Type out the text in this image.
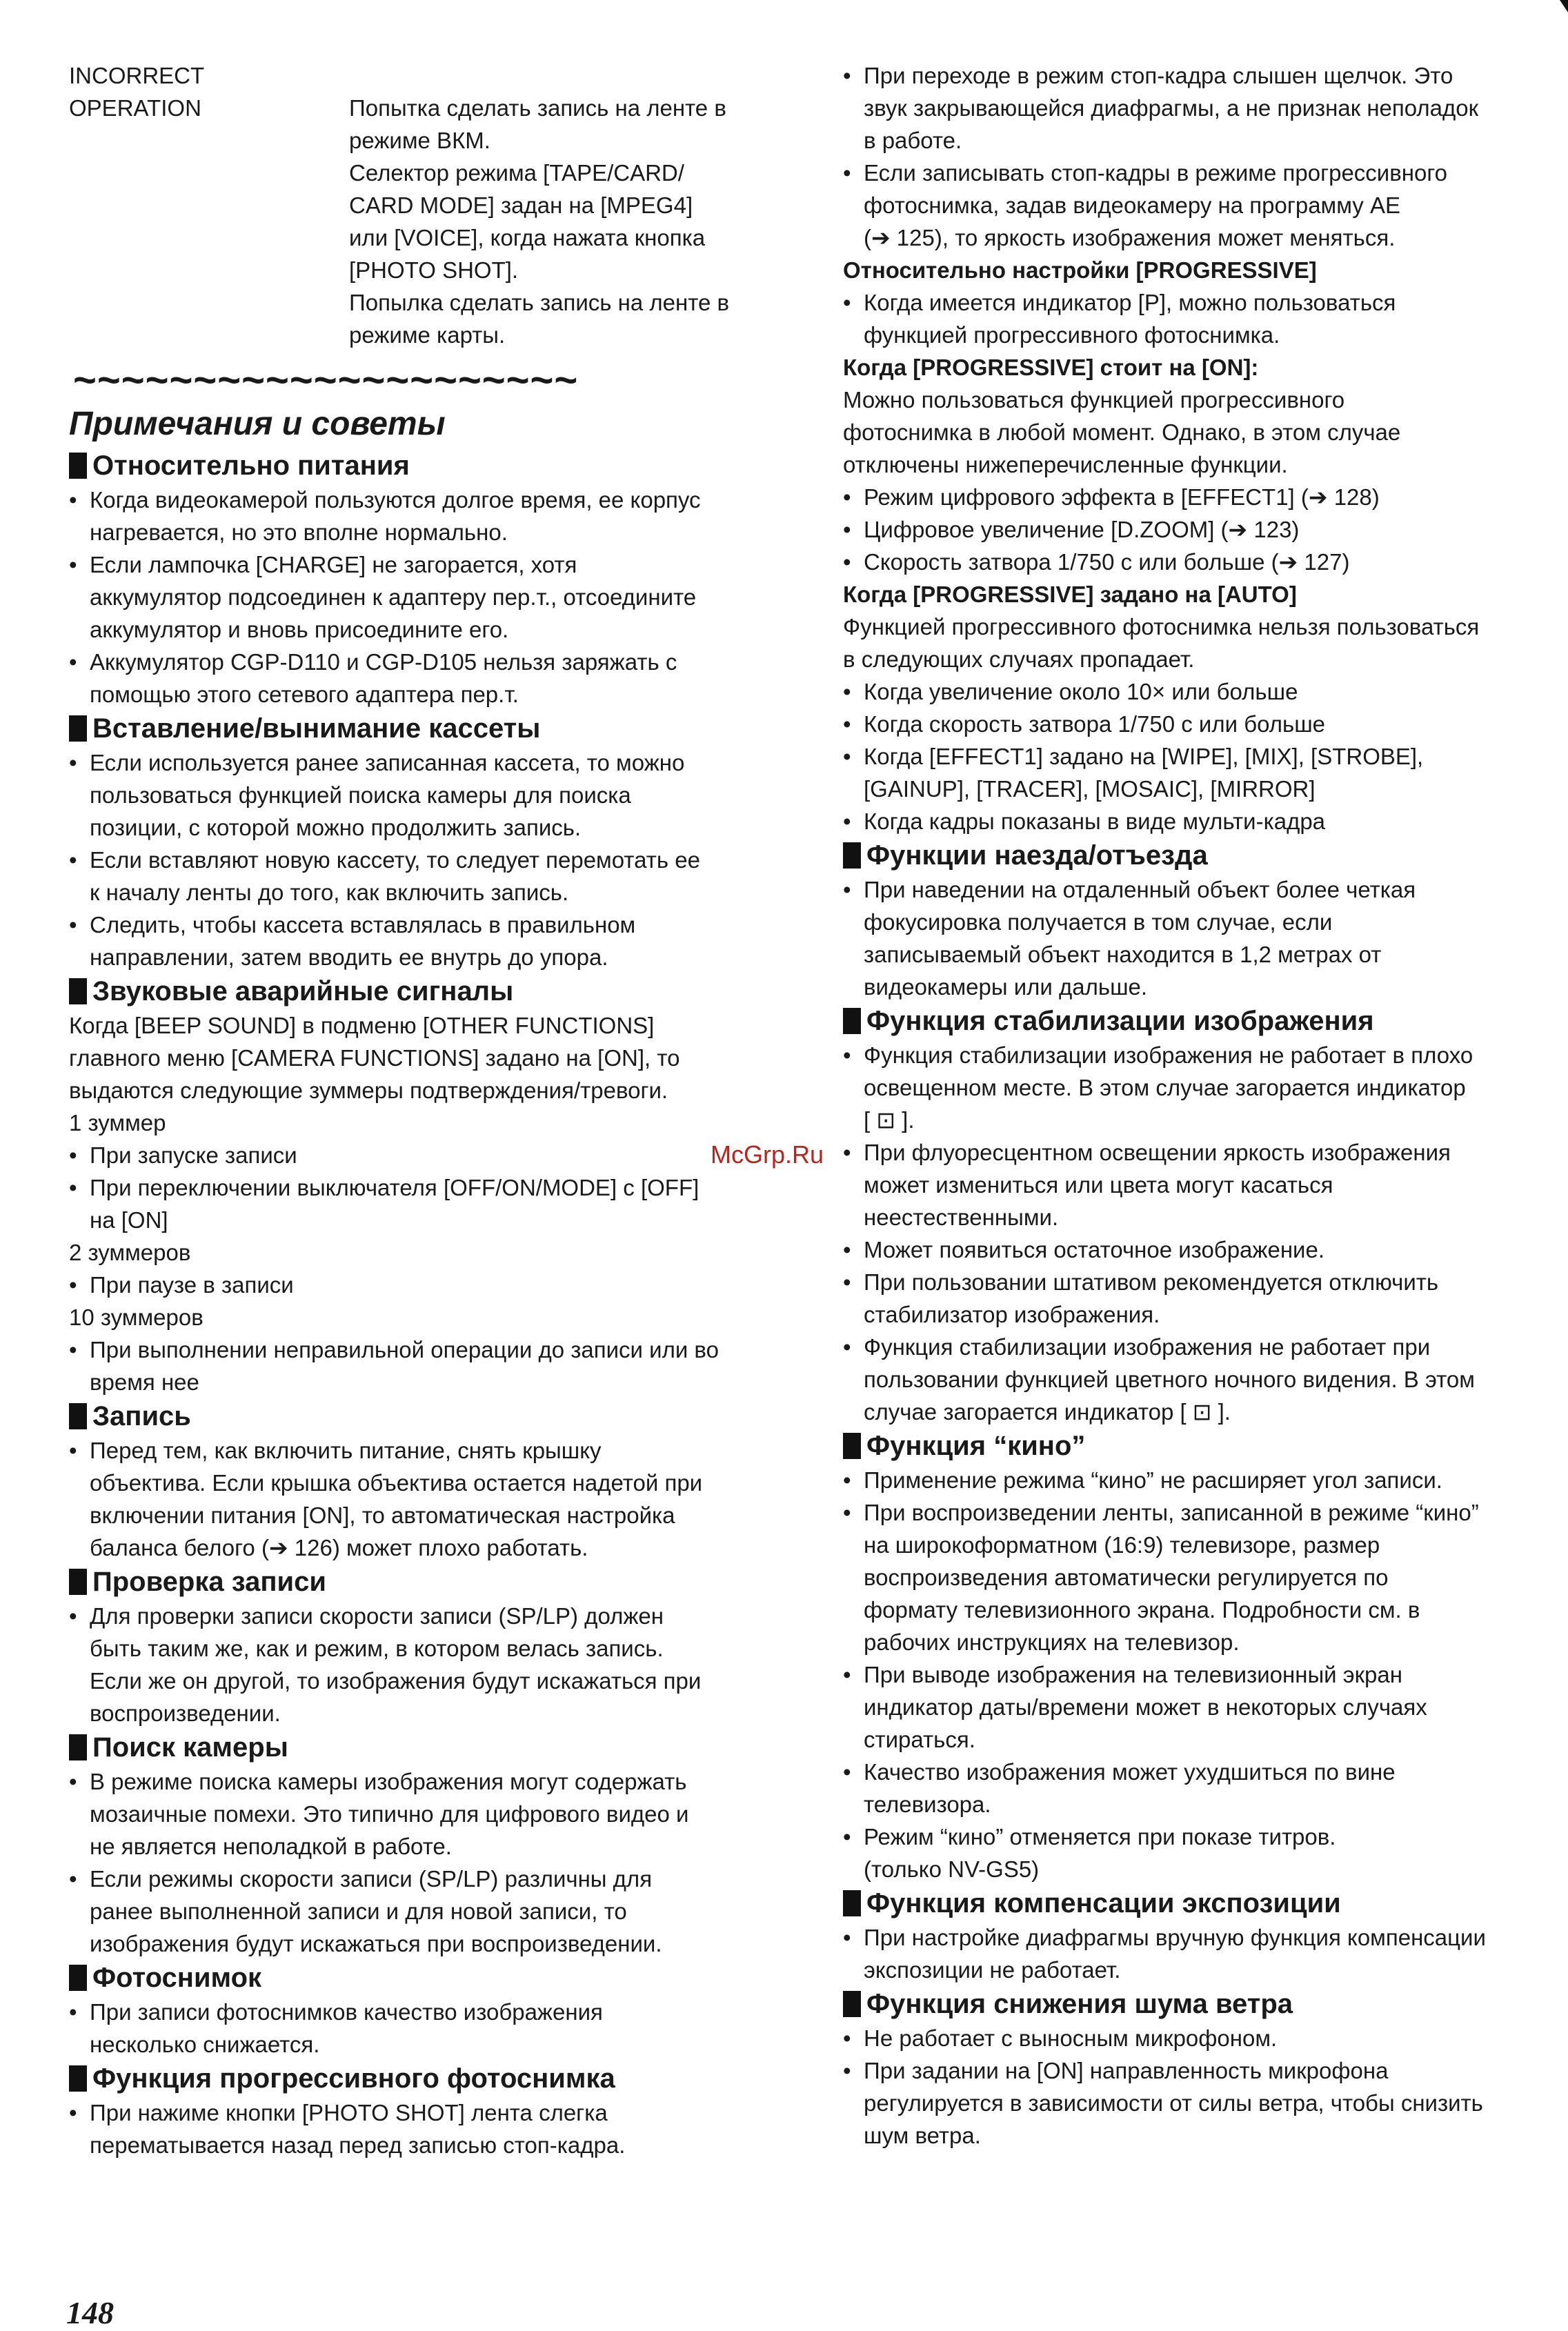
INCORRECT
OPERATION	Попытка сделать запись на ленте в
режиме ВКМ.
Селектор режима [TAPE/CARD/
CARD MODE] задан на [MPEG4]
или [VOICE], когда нажата кнопка
[PHOTO SHOT].
Попылка сделать запись на ленте в
режиме карты.
~~~~~~~~~~~~~~~~~~~~~
Примечания и советы
Относительно питания
• Когда видеокамерой пользуются долгое время, ее корпус
нагревается, но это вполне нормально.
• Если лампочка [CHARGE] не загорается, хотя
аккумулятор подсоединен к адаптеру пер.т., отсоедините
аккумулятор и вновь присоедините его.
• Аккумулятор CGP-D110 и CGP-D105 нельзя заряжать с
помощью этого сетевого адаптера пер.т.
Вставление/вынимание кассеты
• Если используется ранее записанная кассета, то можно
пользоваться функцией поиска камеры для поиска
позиции, с которой можно продолжить запись.
• Если вставляют новую кассету, то следует перемотать ее
к началу ленты до того, как включить запись.
• Следить, чтобы кассета вставлялась в правильном
направлении, затем вводить ее внутрь до упора.
Звуковые аварийные сигналы
Когда [BEEP SOUND] в подменю [OTHER FUNCTIONS]
главного меню [CAMERA FUNCTIONS] задано на [ON], то
выдаются следующие зуммеры подтверждения/тревоги.
1 зуммер
• При запуске записи
• При переключении выключателя [OFF/ON/MODE] с [OFF]
на [ON]
2 зуммеров
• При паузе в записи
10 зуммеров
• При выполнении неправильной операции до записи или во
время нее
Запись
• Перед тем, как включить питание, снять крышку
объектива. Если крышка объектива остается надетой при
включении питания [ON], то автоматическая настройка
баланса белого (➔ 126) может плохо работать.
Проверка записи
• Для проверки записи скорости записи (SP/LP) должен
быть таким же, как и режим, в котором велась запись.
Если же он другой, то изображения будут искажаться при
воспроизведении.
Поиск камеры
• В режиме поиска камеры изображения могут содержать
мозаичные помехи. Это типично для цифрового видео и
не является неполадкой в работе.
• Если режимы скорости записи (SP/LP) различны для
ранее выполненной записи и для новой записи, то
изображения будут искажаться при воспроизведении.
Фотоснимок
• При записи фотоснимков качество изображения
несколько снижается.
Функция прогрессивного фотоснимка
• При нажиме кнопки [PHOTO SHOT] лента слегка
перематывается назад перед записью стоп-кадра.
• При переходе в режим стоп-кадра слышен щелчок. Это
звук закрывающейся диафрагмы, а не признак неполадок
в работе.
• Если записывать стоп-кадры в режиме прогрессивного
фотоснимка, задав видеокамеру на программу АЕ
(➔ 125), то яркость изображения может меняться.
Относительно настройки [PROGRESSIVE]
• Когда имеется индикатор [P], можно пользоваться
функцией прогрессивного фотоснимка.
Когда [PROGRESSIVE] стоит на [ON]:
Можно пользоваться функцией прогрессивного
фотоснимка в любой момент. Однако, в этом случае
отключены нижеперечисленные функции.
• Режим цифрового эффекта в [EFFECT1] (➔ 128)
• Цифровое увеличение [D.ZOOM] (➔ 123)
• Скорость затвора 1/750 с или больше (➔ 127)
Когда [PROGRESSIVE] задано на [AUTO]
Функцией прогрессивного фотоснимка нельзя пользоваться
в следующих случаях пропадает.
• Когда увеличение около 10× или больше
• Когда скорость затвора 1/750 с или больше
• Когда [EFFECT1] задано на [WIPE], [MIX], [STROBE],
[GAINUP], [TRACER], [MOSAIC], [MIRROR]
• Когда кадры показаны в виде мульти-кадра
Функции наезда/отъезда
• При наведении на отдаленный объект более четкая
фокусировка получается в том случае, если
записываемый объект находится в 1,2 метрах от
видеокамеры или дальше.
Функция стабилизации изображения
• Функция стабилизации изображения не работает в плохо
освещенном месте. В этом случае загорается индикатор
[ ⊡ ].
• При флуоресцентном освещении яркость изображения
может измениться или цвета могут касаться
неестественными.
• Может появиться остаточное изображение.
• При пользовании штативом рекомендуется отключить
стабилизатор изображения.
• Функция стабилизации изображения не работает при
пользовании функцией цветного ночного видения. В этом
случае загорается индикатор [ ⊡ ].
Функция “кино”
• Применение режима “кино” не расширяет угол записи.
• При воспроизведении ленты, записанной в режиме “кино”
на широкоформатном (16:9) телевизоре, размер
воспроизведения автоматически регулируется по
формату телевизионного экрана. Подробности см. в
рабочих инструкциях на телевизор.
• При выводе изображения на телевизионный экран
индикатор даты/времени может в некоторых случаях
стираться.
• Качество изображения может ухудшиться по вине
телевизора.
• Режим “кино” отменяется при показе титров.
(только NV-GS5)
Функция компенсации экспозиции
• При настройке диафрагмы вручную функция компенсации
экспозиции не работает.
Функция снижения шума ветра
• Не работает с выносным микрофоном.
• При задании на [ON] направленность микрофона
регулируется в зависимости от силы ветра, чтобы снизить
шум ветра.
McGrp.Ru
148
